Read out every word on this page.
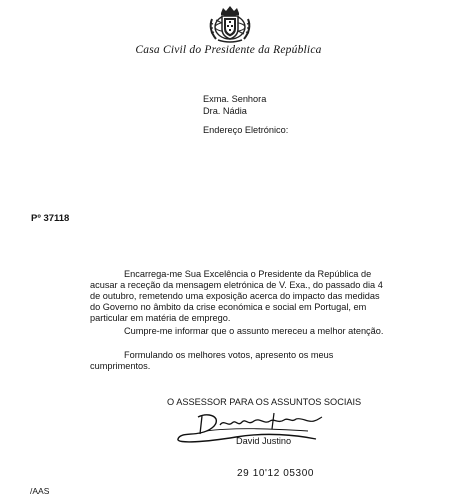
Casa Civil do Presidente da República
Exma. Senhora
Dra. Nádia
Endereço Eletrónico:
Pº 37118
Encarrega-me Sua Excelência o Presidente da República de acusar a receção da mensagem eletrónica de V. Exa., do passado dia 4 de outubro, remetendo uma exposição acerca do impacto das medidas do Governo no âmbito da crise económica e social em Portugal, em particular em matéria de emprego.
Cumpre-me informar que o assunto mereceu a melhor atenção.
Formulando os melhores votos, apresento os meus cumprimentos.
O ASSESSOR PARA OS ASSUNTOS SOCIAIS
David Justino
29 10'12 05300
/AAS
